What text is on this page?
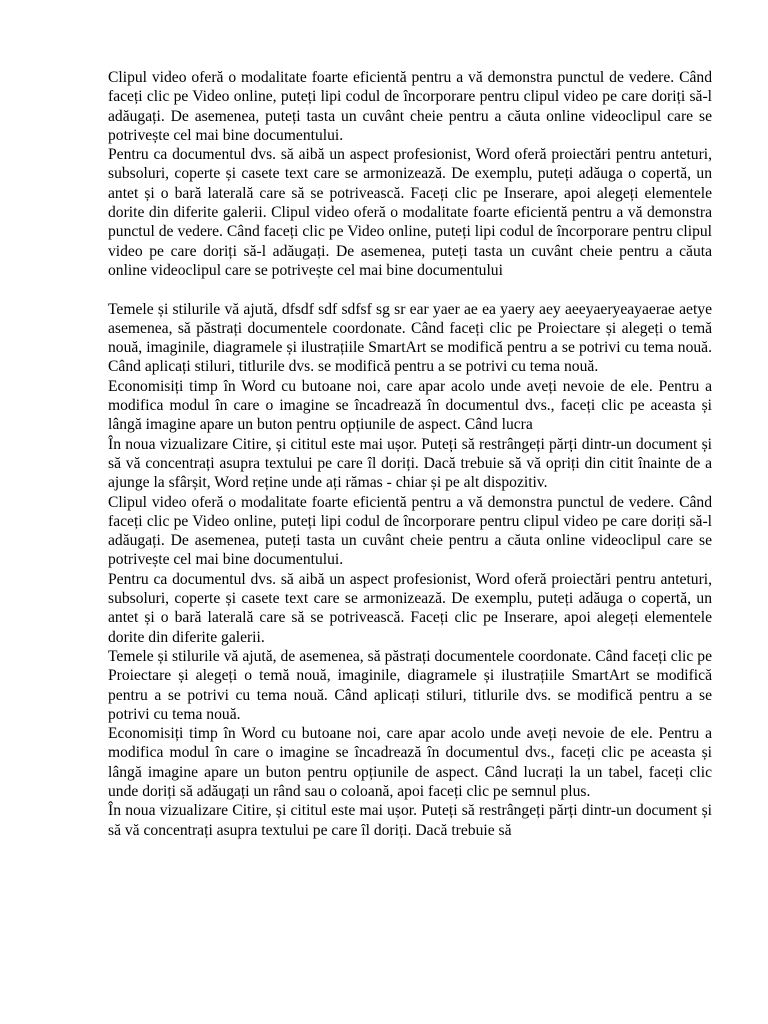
Clipul video oferă o modalitate foarte eficientă pentru a vă demonstra punctul de vedere. Când faceți clic pe Video online, puteți lipi codul de încorporare pentru clipul video pe care doriți să-l adăugați. De asemenea, puteți tasta un cuvânt cheie pentru a căuta online videoclipul care se potrivește cel mai bine documentului.

Pentru ca documentul dvs. să aibă un aspect profesionist, Word oferă proiectări pentru anteturi, subsoluri, coperte și casete text care se armonizează. De exemplu, puteți adăuga o copertă, un antet și o bară laterală care să se potrivească. Faceți clic pe Inserare, apoi alegeți elementele dorite din diferite galerii. Clipul video oferă o modalitate foarte eficientă pentru a vă demonstra punctul de vedere. Când faceți clic pe Video online, puteți lipi codul de încorporare pentru clipul video pe care doriți să-l adăugați. De asemenea, puteți tasta un cuvânt cheie pentru a căuta online videoclipul care se potrivește cel mai bine documentului

Temele și stilurile vă ajută, dfsdf sdf sdfsf sg sr ear yaer ae ea yaery aey aeeyaeryeayaerae aetye asemenea, să păstrați documentele coordonate. Când faceți clic pe Proiectare și alegeți o temă nouă, imaginile, diagramele și ilustrațiile SmartArt se modifică pentru a se potrivi cu tema nouă. Când aplicați stiluri, titlurile dvs. se modifică pentru a se potrivi cu tema nouă.

Economisiți timp în Word cu butoane noi, care apar acolo unde aveți nevoie de ele. Pentru a modifica modul în care o imagine se încadrează în documentul dvs., faceți clic pe aceasta și lângă imagine apare un buton pentru opțiunile de aspect. Când lucra

În noua vizualizare Citire, și cititul este mai ușor. Puteți să restrângeți părți dintr-un document și să vă concentrați asupra textului pe care îl doriți. Dacă trebuie să vă opriți din citit înainte de a ajunge la sfârșit, Word reține unde ați rămas - chiar și pe alt dispozitiv.

Clipul video oferă o modalitate foarte eficientă pentru a vă demonstra punctul de vedere. Când faceți clic pe Video online, puteți lipi codul de încorporare pentru clipul video pe care doriți să-l adăugați. De asemenea, puteți tasta un cuvânt cheie pentru a căuta online videoclipul care se potrivește cel mai bine documentului.

Pentru ca documentul dvs. să aibă un aspect profesionist, Word oferă proiectări pentru anteturi, subsoluri, coperte și casete text care se armonizează. De exemplu, puteți adăuga o copertă, un antet și o bară laterală care să se potrivească. Faceți clic pe Inserare, apoi alegeți elementele dorite din diferite galerii.

Temele și stilurile vă ajută, de asemenea, să păstrați documentele coordonate. Când faceți clic pe Proiectare și alegeți o temă nouă, imaginile, diagramele și ilustrațiile SmartArt se modifică pentru a se potrivi cu tema nouă. Când aplicați stiluri, titlurile dvs. se modifică pentru a se potrivi cu tema nouă.

Economisiți timp în Word cu butoane noi, care apar acolo unde aveți nevoie de ele. Pentru a modifica modul în care o imagine se încadrează în documentul dvs., faceți clic pe aceasta și lângă imagine apare un buton pentru opțiunile de aspect. Când lucrați la un tabel, faceți clic unde doriți să adăugați un rând sau o coloană, apoi faceți clic pe semnul plus.

În noua vizualizare Citire, și cititul este mai ușor. Puteți să restrângeți părți dintr-un document și să vă concentrați asupra textului pe care îl doriți. Dacă trebuie să
